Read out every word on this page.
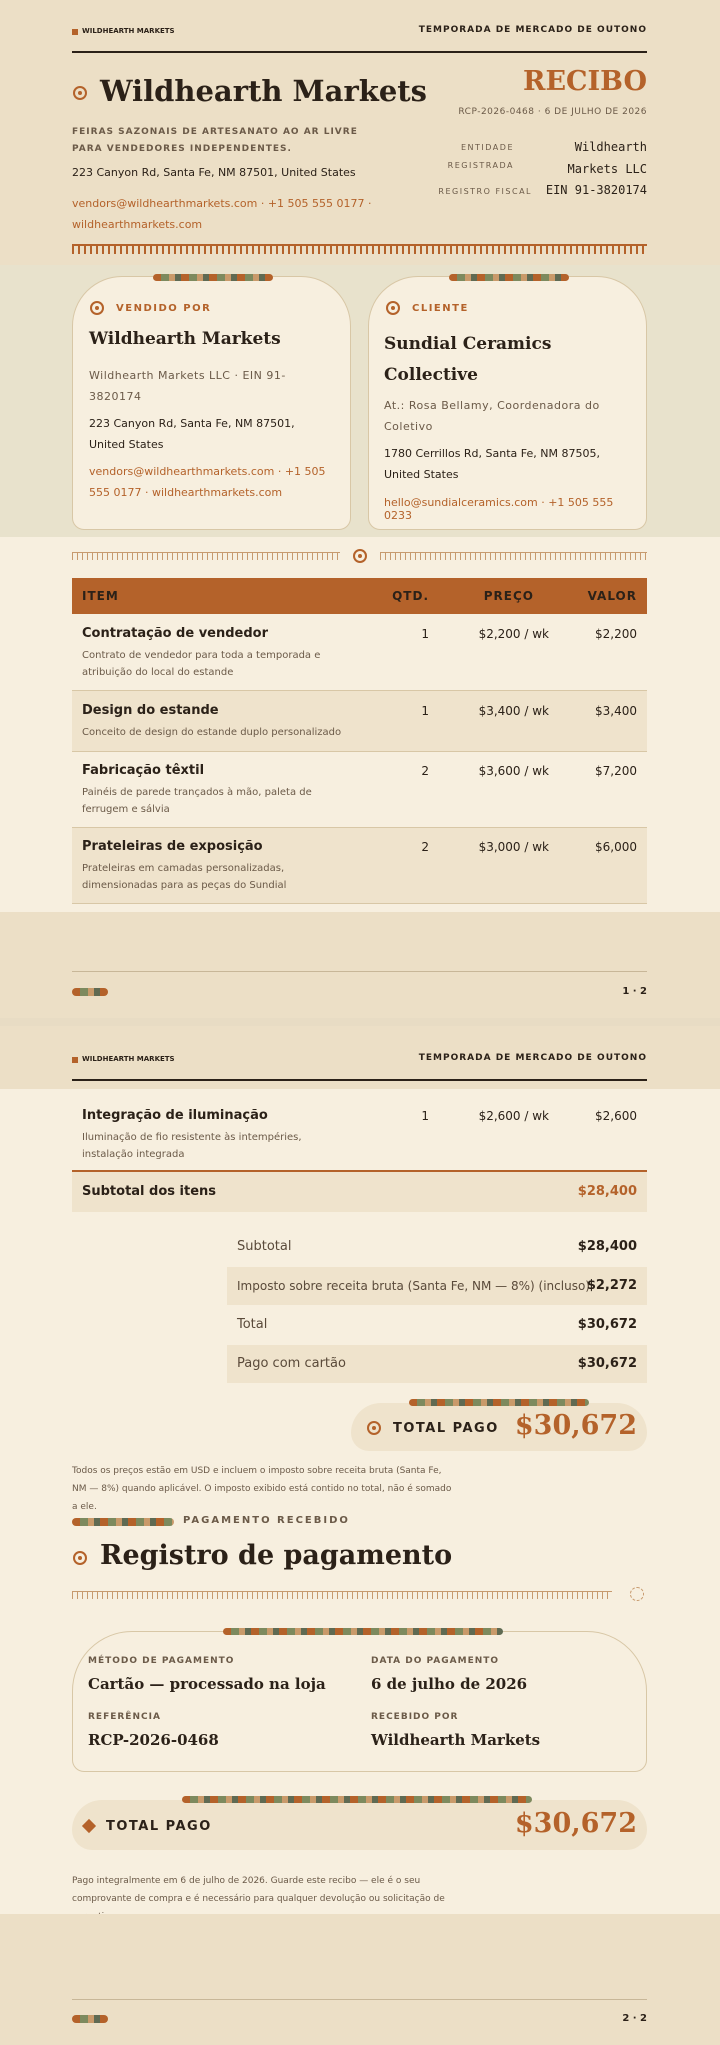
WILDHEARTH MARKETS	TEMPORADA DE MERCADO DE OUTONO
Wildhearth Markets
FEIRAS SAZONAIS DE ARTESANATO AO AR LIVRE PARA VENDEDORES INDEPENDENTES.
223 Canyon Rd, Santa Fe, NM 87501, United States
vendors@wildhearthmarkets.com · +1 505 555 0177 · wildhearthmarkets.com
RECIBO
RCP-2026-0468 · 6 DE JULHO DE 2026
ENTIDADE REGISTRADA
Wildhearth Markets LLC
REGISTRO FISCAL EIN 91-3820174
VENDIDO POR
Wildhearth Markets
Wildhearth Markets LLC · EIN 91-3820174
223 Canyon Rd, Santa Fe, NM 87501, United States
vendors@wildhearthmarkets.com · +1 505 555 0177 · wildhearthmarkets.com
CLIENTE
Sundial Ceramics Collective
At.: Rosa Bellamy, Coordenadora do Coletivo
1780 Cerrillos Rd, Santa Fe, NM 87505, United States
hello@sundialceramics.com · +1 505 555 0233
ITEM	QTD.	PREÇO	VALOR
Contratação de vendedor
Contrato de vendedor para toda a temporada e atribuição do local do estande
1	$2,200 / wk	$2,200
Design do estande
Conceito de design do estande duplo personalizado
1	$3,400 / wk	$3,400
Fabricação têxtil
Painéis de parede trançados à mão, paleta de ferrugem e sálvia
2	$3,600 / wk	$7,200
Prateleiras de exposição
Prateleiras em camadas personalizadas, dimensionadas para as peças do Sundial
2	$3,000 / wk	$6,000
1 · 2
WILDHEARTH MARKETS	TEMPORADA DE MERCADO DE OUTONO
Integração de iluminação
Iluminação de fio resistente às intempéries, instalação integrada
1	$2,600 / wk	$2,600
Subtotal dos itens	$28,400
Subtotal	$28,400
Imposto sobre receita bruta (Santa Fe, NM — 8%) (incluso)
$2,272
Total	$30,672
Pago com cartão	$30,672
TOTAL PAGO $30,672
Todos os preços estão em USD e incluem o imposto sobre receita bruta (Santa Fe, NM — 8%) quando aplicável. O imposto exibido está contido no total, não é somado a ele.
PAGAMENTO RECEBIDO
Registro de pagamento
MÉTODO DE PAGAMENTO
Cartão — processado na loja
DATA DO PAGAMENTO
6 de julho de 2026
REFERÊNCIA
RCP-2026-0468
RECEBIDO POR
Wildhearth Markets
TOTAL PAGO	$30,672
Pago integralmente em 6 de julho de 2026. Guarde este recibo — ele é o seu comprovante de compra e é necessário para qualquer devolução ou solicitação de
2 · 2
